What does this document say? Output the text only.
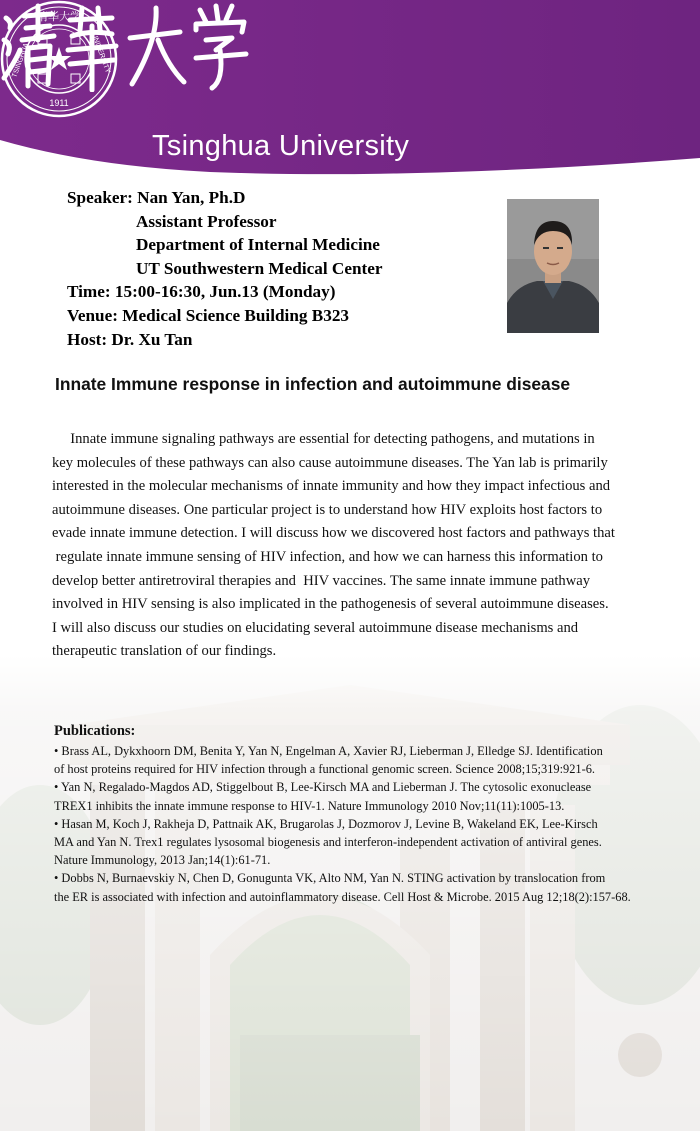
清华大学
TSINGHUA	UNIVERSITY
1911
Tsinghua University
Speaker: Nan Yan, Ph.D
Assistant Professor
Department of Internal Medicine
UT Southwestern Medical Center
Time: 15:00-16:30, Jun.13 (Monday)
Venue: Medical Science Building B323
Host: Dr. Xu Tan
Innate Immune response in infection and autoimmune disease
Innate immune signaling pathways are essential for detecting pathogens, and mutations in
key molecules of these pathways can also cause autoimmune diseases. The Yan lab is primarily
interested in the molecular mechanisms of innate immunity and how they impact infectious and
autoimmune diseases. One particular project is to understand how HIV exploits host factors to
evade innate immune detection. I will discuss how we discovered host factors and pathways that
regulate innate immune sensing of HIV infection, and how we can harness this information to
develop better antiretroviral therapies and  HIV vaccines. The same innate immune pathway
involved in HIV sensing is also implicated in the pathogenesis of several autoimmune diseases.
I will also discuss our studies on elucidating several autoimmune disease mechanisms and
therapeutic translation of our findings.
Publications:
• Brass AL, Dykxhoorn DM, Benita Y, Yan N, Engelman A, Xavier RJ, Lieberman J, Elledge SJ. Identification
of host proteins required for HIV infection through a functional genomic screen. Science 2008;15;319:921-6.
• Yan N, Regalado-Magdos AD, Stiggelbout B, Lee-Kirsch MA and Lieberman J. The cytosolic exonuclease
TREX1 inhibits the innate immune response to HIV-1. Nature Immunology 2010 Nov;11(11):1005-13.
• Hasan M, Koch J, Rakheja D, Pattnaik AK, Brugarolas J, Dozmorov J, Levine B, Wakeland EK, Lee-Kirsch
MA and Yan N. Trex1 regulates lysosomal biogenesis and interferon-independent activation of antiviral genes.
Nature Immunology, 2013 Jan;14(1):61-71.
• Dobbs N, Burnaevskiy N, Chen D, Gonugunta VK, Alto NM, Yan N. STING activation by translocation from
the ER is associated with infection and autoinflammatory disease. Cell Host & Microbe. 2015 Aug 12;18(2):157-68.
